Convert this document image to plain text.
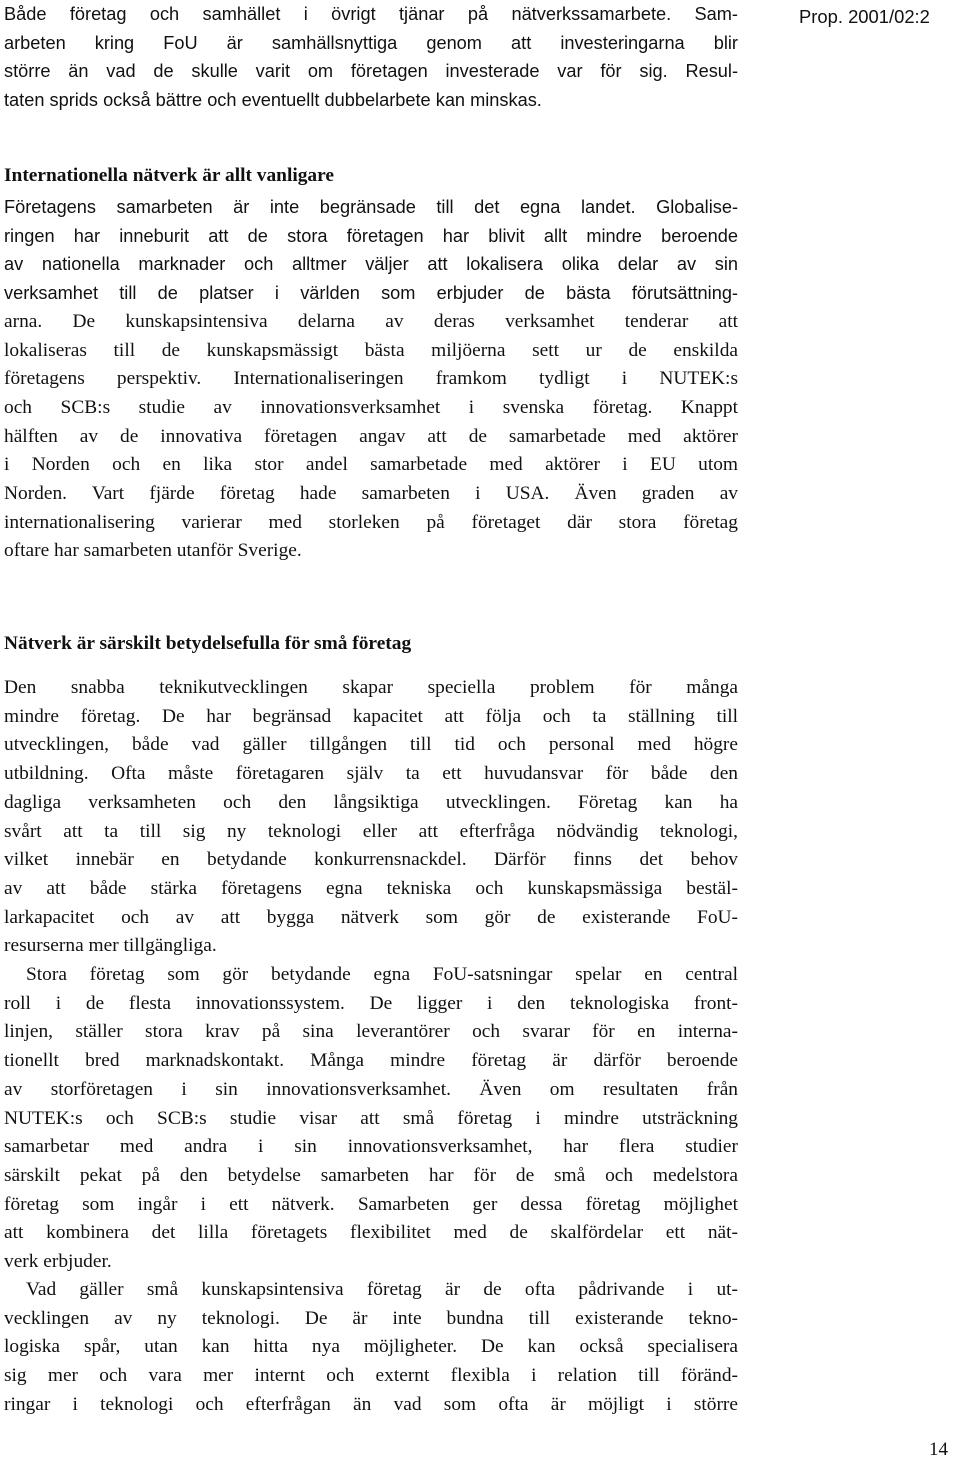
Prop. 2001/02:2
Både företag och samhället i övrigt tjänar på nätverkssamarbete. Sam-
arbeten kring FoU är samhällsnyttiga genom att investeringarna blir
större än vad de skulle varit om företagen investerade var för sig. Resul-
taten sprids också bättre och eventuellt dubbelarbete kan minskas.
Internationella nätverk är allt vanligare
Företagens samarbeten är inte begränsade till det egna landet. Globalise-
ringen har inneburit att de stora företagen har blivit allt mindre beroende
av nationella marknader och alltmer väljer att lokalisera olika delar av sin
verksamhet till de platser i världen som erbjuder de bästa förutsättning-
arna. De kunskapsintensiva delarna av deras verksamhet tenderar att
lokaliseras till de kunskapsmässigt bästa miljöerna sett ur de enskilda
företagens perspektiv. Internationaliseringen framkom tydligt i NUTEK:s
och SCB:s studie av innovationsverksamhet i svenska företag. Knappt
hälften av de innovativa företagen angav att de samarbetade med aktörer
i Norden och en lika stor andel samarbetade med aktörer i EU utom
Norden. Vart fjärde företag hade samarbeten i USA. Även graden av
internationalisering varierar med storleken på företaget där stora företag
oftare har samarbeten utanför Sverige.
Nätverk är särskilt betydelsefulla för små företag
Den snabba teknikutvecklingen skapar speciella problem för många
mindre företag. De har begränsad kapacitet att följa och ta ställning till
utvecklingen, både vad gäller tillgången till tid och personal med högre
utbildning. Ofta måste företagaren själv ta ett huvudansvar för både den
dagliga verksamheten och den långsiktiga utvecklingen. Företag kan ha
svårt att ta till sig ny teknologi eller att efterfråga nödvändig teknologi,
vilket innebär en betydande konkurrensnackdel. Därför finns det behov
av att både stärka företagens egna tekniska och kunskapsmässiga bestäl-
larkapacitet och av att bygga nätverk som gör de existerande FoU-
resurserna mer tillgängliga.
Stora företag som gör betydande egna FoU-satsningar spelar en central
roll i de flesta innovationssystem. De ligger i den teknologiska front-
linjen, ställer stora krav på sina leverantörer och svarar för en interna-
tionellt bred marknadskontakt. Många mindre företag är därför beroende
av storföretagen i sin innovationsverksamhet. Även om resultaten från
NUTEK:s och SCB:s studie visar att små företag i mindre utsträckning
samarbetar med andra i sin innovationsverksamhet, har flera studier
särskilt pekat på den betydelse samarbeten har för de små och medelstora
företag som ingår i ett nätverk. Samarbeten ger dessa företag möjlighet
att kombinera det lilla företagets flexibilitet med de skalfördelar ett nät-
verk erbjuder.
Vad gäller små kunskapsintensiva företag är de ofta pådrivande i ut-
vecklingen av ny teknologi. De är inte bundna till existerande tekno-
logiska spår, utan kan hitta nya möjligheter. De kan också specialisera
sig mer och vara mer internt och externt flexibla i relation till föränd-
ringar i teknologi och efterfrågan än vad som ofta är möjligt i större
14
